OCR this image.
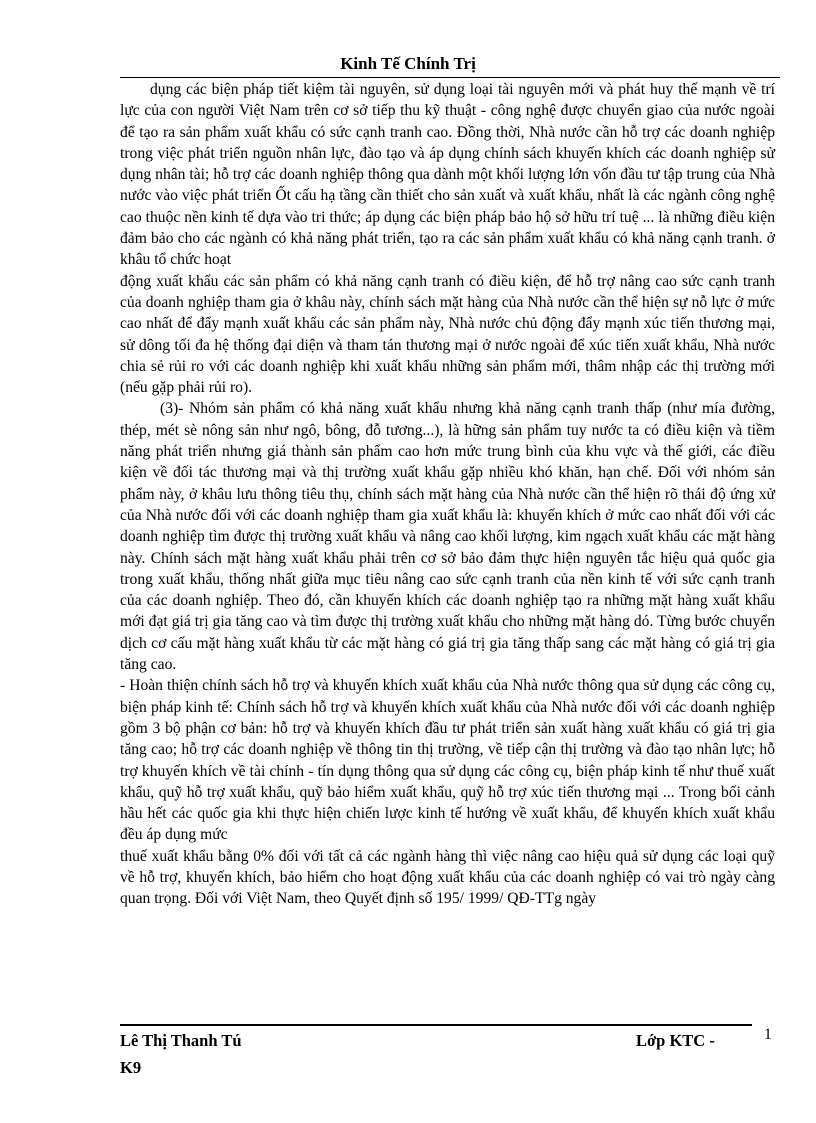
Kinh Tế Chính Trị

dụng các biện pháp tiết kiệm tài nguyên, sử dụng loại tài nguyên mới và phát huy thế mạnh về trí lực của con người Việt Nam trên cơ sở tiếp thu kỹ thuật - công nghệ được chuyển giao của nước ngoài để tạo ra sản phẩm xuất khẩu có sức cạnh tranh cao. Đồng thời, Nhà nước cần hỗ trợ các doanh nghiệp trong việc phát triển nguồn nhân lực, đào tạo và áp dụng chính sách khuyến khích các doanh nghiệp sử dụng nhân tài; hỗ trợ các doanh nghiệp thông qua dành một khối lượng lớn vốn đầu tư tập trung của Nhà nước vào việc phát triển Ốt cấu hạ tầng cần thiết cho sản xuất và xuất khẩu, nhất là các ngành công nghệ cao thuộc nền kinh tế dựa vào tri thức; áp dụng các biện pháp bảo hộ sở hữu trí tuệ ... là những điều kiện đảm bảo cho các ngành có khả năng phát triển, tạo ra các sản phẩm xuất khẩu có khả năng cạnh tranh. ở khâu tổ chức hoạt

động xuất khẩu các sản phẩm có khả năng cạnh tranh có điều kiện, để hỗ trợ nâng cao sức cạnh tranh của doanh nghiệp tham gia ở khâu này, chính sách mặt hàng của Nhà nước cần thể hiện sự nỗ lực ở mức cao nhất để đẩy mạnh xuất khẩu các sản phẩm này, Nhà nước chủ động đẩy mạnh xúc tiến thương mại, sử dông tối đa hệ thống đại diện và tham tán thương mại ở nước ngoài để xúc tiến xuất khẩu, Nhà nước chia sẻ rủi ro với các doanh nghiệp khi xuất khẩu những sản phẩm mới, thâm nhập các thị trường mới (nếu gặp phải rủi ro).

(3)- Nhóm sản phẩm có khả năng xuất khẩu nhưng khả năng cạnh tranh thấp (như mía đường, thép, mét sè nông sản như ngô, bông, đỗ tương...), là hững sản phẩm tuy nước ta có điều kiện và tiềm năng phát triển nhưng giá thành sản phẩm cao hơn mức trung bình của khu vực và thế giới, các điều kiện về đối tác thương mại và thị trường xuất khẩu gặp nhiều khó khăn, hạn chế. Đối với nhóm sản phẩm này, ở khâu lưu thông tiêu thụ, chính sách mặt hàng của Nhà nước cần thể hiện rõ thái độ ứng xử của Nhà nước đối với các doanh nghiệp tham gia xuất khẩu là: khuyến khích ở mức cao nhất đối với các doanh nghiệp tìm được thị trường xuất khẩu và nâng cao khối lượng, kim ngạch xuất khẩu các mặt hàng này. Chính sách mặt hàng xuất khẩu phải trên cơ sở bảo đảm thực hiện nguyên tắc hiệu quả quốc gia trong xuất khẩu, thống nhất giữa mục tiêu nâng cao sức cạnh tranh của nền kinh tế với sức cạnh tranh của các doanh nghiệp. Theo đó, cần khuyến khích các doanh nghiệp tạo ra những mặt hàng xuất khẩu mới đạt giá trị gia tăng cao và tìm được thị trường xuất khẩu cho những mặt hàng dó. Từng bước chuyển dịch cơ cấu mặt hàng xuất khẩu từ các mặt hàng có giá trị gia tăng thấp sang các mặt hàng có giá trị gia tăng cao.

- Hoàn thiện chính sách hỗ trợ và khuyến khích xuất khẩu của Nhà nước thông qua sử dụng các công cụ, biện pháp kinh tế: Chính sách hỗ trợ và khuyến khích xuất khẩu của Nhà nước đối với các doanh nghiệp gồm 3 bộ phận cơ bản: hỗ trợ và khuyến khích đầu tư phát triển sản xuất hàng xuất khẩu có giá trị gia tăng cao; hỗ trợ các doanh nghiệp về thông tin thị trường, về tiếp cận thị trường và đào tạo nhân lực; hỗ trợ khuyến khích về tài chính - tín dụng thông qua sử dụng các công cụ, biện pháp kinh tế như thuế xuất khẩu, quỹ hỗ trợ xuất khẩu, quỹ bảo hiểm xuất khẩu, quỹ hỗ trợ xúc tiến thương mại ... Trong bối cảnh hầu hết các quốc gia khi thực hiện chiến lược kinh tế hướng về xuất khẩu, để khuyến khích xuất khẩu đều áp dụng mức

thuế xuất khẩu bằng 0% đối với tất cả các ngành hàng thì việc nâng cao hiệu quả sử dụng các loại quỹ về hỗ trợ, khuyến khích, bảo hiểm cho hoạt động xuất khẩu của các doanh nghiệp có vai trò ngày càng quan trọng. Đối với Việt Nam, theo Quyết định số 195/ 1999/ QĐ-TTg ngày

Lê Thị Thanh Tú
K9
Lớp KTC -	1
